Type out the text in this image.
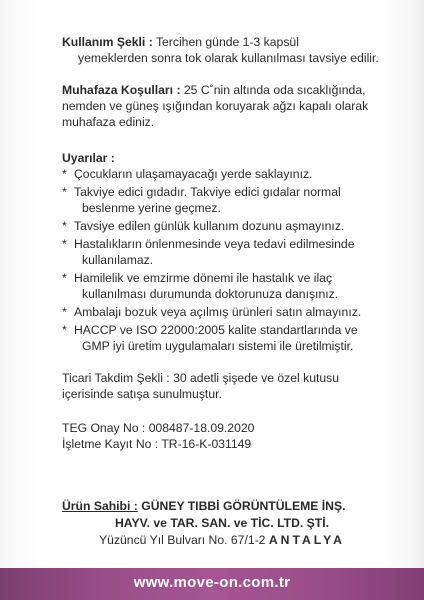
Kullanım Şekli : Tercihen günde 1-3 kapsül
yemeklerden sonra tok olarak kullanılması tavsiye edilir.
Muhafaza Koşulları : 25 C˚nin altında oda sıcaklığında,
nemden ve güneş ışığından koruyarak ağzı kapalı olarak
muhafaza ediniz.
Uyarılar :
* Çocukların ulaşamayacağı yerde saklayınız.
* Takviye edici gıdadır. Takviye edici gıdalar normal
beslenme yerine geçmez.
* Tavsiye edilen günlük kullanım dozunu aşmayınız.
* Hastalıkların önlenmesinde veya tedavi edilmesinde
kullanılamaz.
* Hamilelik ve emzirme dönemi ile hastalık ve ilaç
kullanılması durumunda doktorunuza danışınız.
* Ambalajı bozuk veya açılmış ürünleri satın almayınız.
* HACCP ve ISO 22000:2005 kalite standartlarında ve
GMP iyi üretim uygulamaları sistemi ile üretilmiştir.
Ticari Takdim Şekli : 30 adetli şişede ve özel kutusu
içerisinde satışa sunulmuştur.
TEG Onay No : 008487-18.09.2020
İşletme Kayıt No : TR-16-K-031149
Ürün Sahibi : GÜNEY TIBBİ GÖRÜNTÜLEME İNŞ.
HAYV. ve TAR. SAN. ve TİC. LTD. ŞTİ.
Yüzüncü Yıl Bulvarı No. 67/1-2 ANTALYA
www.move-on.com.tr
